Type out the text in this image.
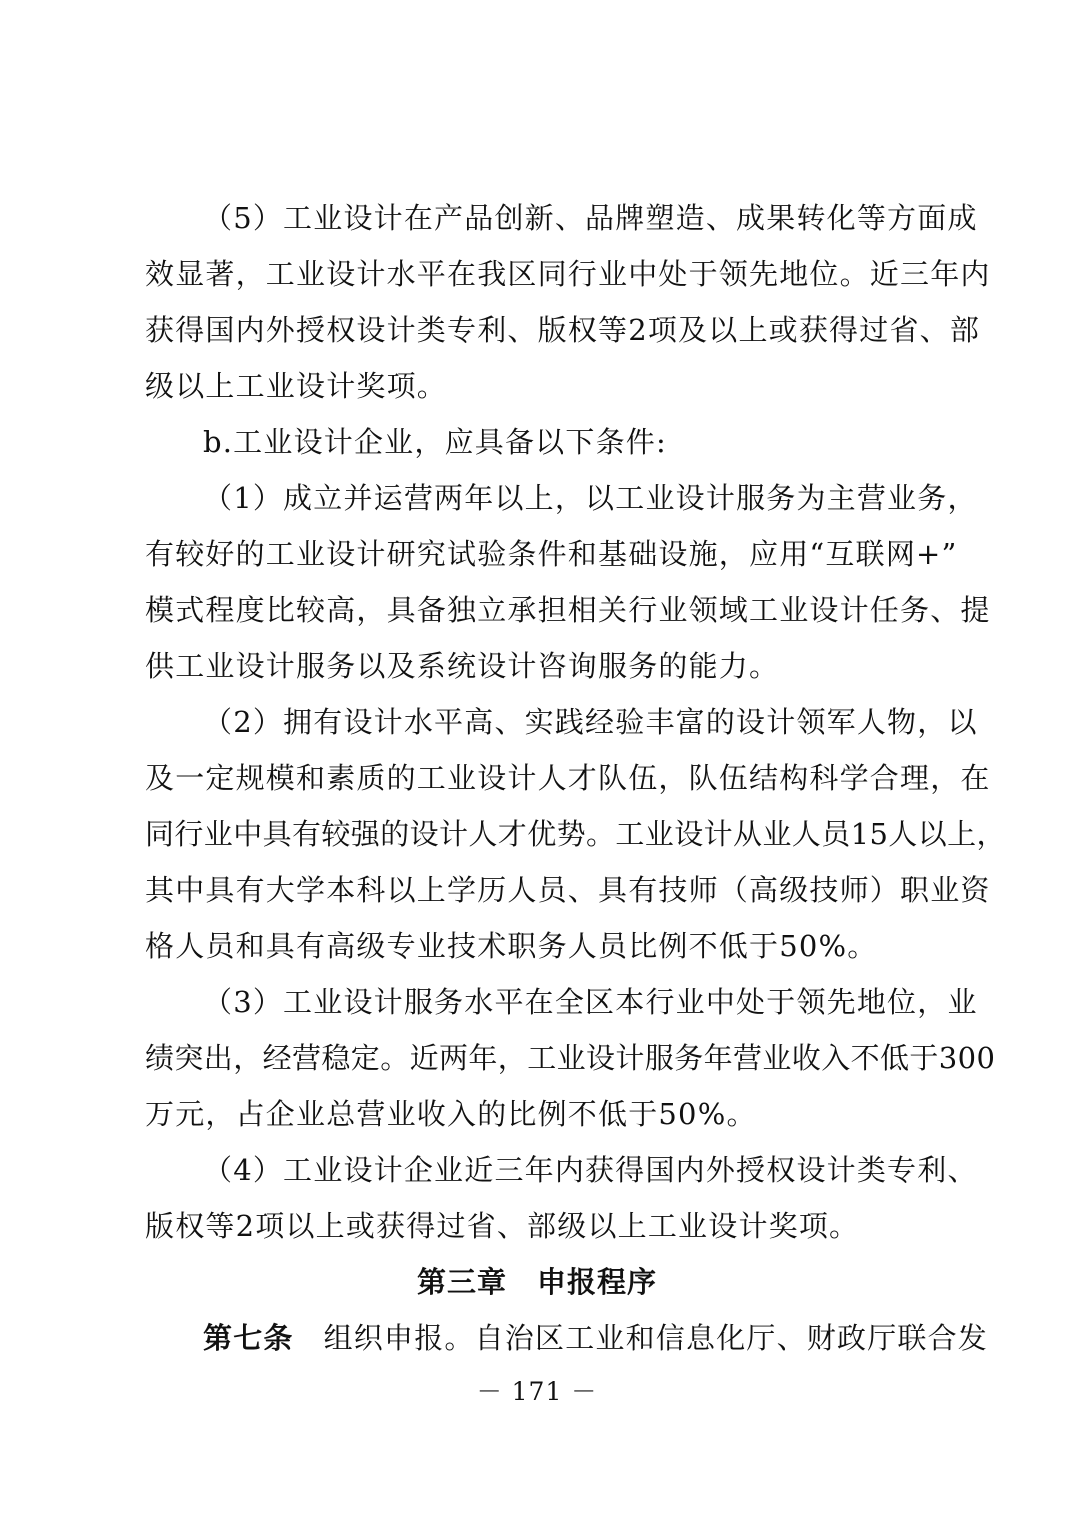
（5）工业设计在产品创新、品牌塑造、成果转化等方面成
效显著，工业设计水平在我区同行业中处于领先地位。近三年内
获得国内外授权设计类专利、版权等2项及以上或获得过省、部
级以上工业设计奖项。
b.工业设计企业，应具备以下条件:
（1）成立并运营两年以上，以工业设计服务为主营业务，
有较好的工业设计研究试验条件和基础设施，应用“互联网+”
模式程度比较高，具备独立承担相关行业领域工业设计任务、提
供工业设计服务以及系统设计咨询服务的能力。
（2）拥有设计水平高、实践经验丰富的设计领军人物，以
及一定规模和素质的工业设计人才队伍，队伍结构科学合理，在
同行业中具有较强的设计人才优势。工业设计从业人员15人以上，
其中具有大学本科以上学历人员、具有技师（高级技师）职业资
格人员和具有高级专业技术职务人员比例不低于50%。
（3）工业设计服务水平在全区本行业中处于领先地位，业
绩突出，经营稳定。近两年，工业设计服务年营业收入不低于300
万元，占企业总营业收入的比例不低于50%。
（4）工业设计企业近三年内获得国内外授权设计类专利、
版权等2项以上或获得过省、部级以上工业设计奖项。
第三章 申报程序
第七条 组织申报。自治区工业和信息化厅、财政厅联合发
－ 171 －
